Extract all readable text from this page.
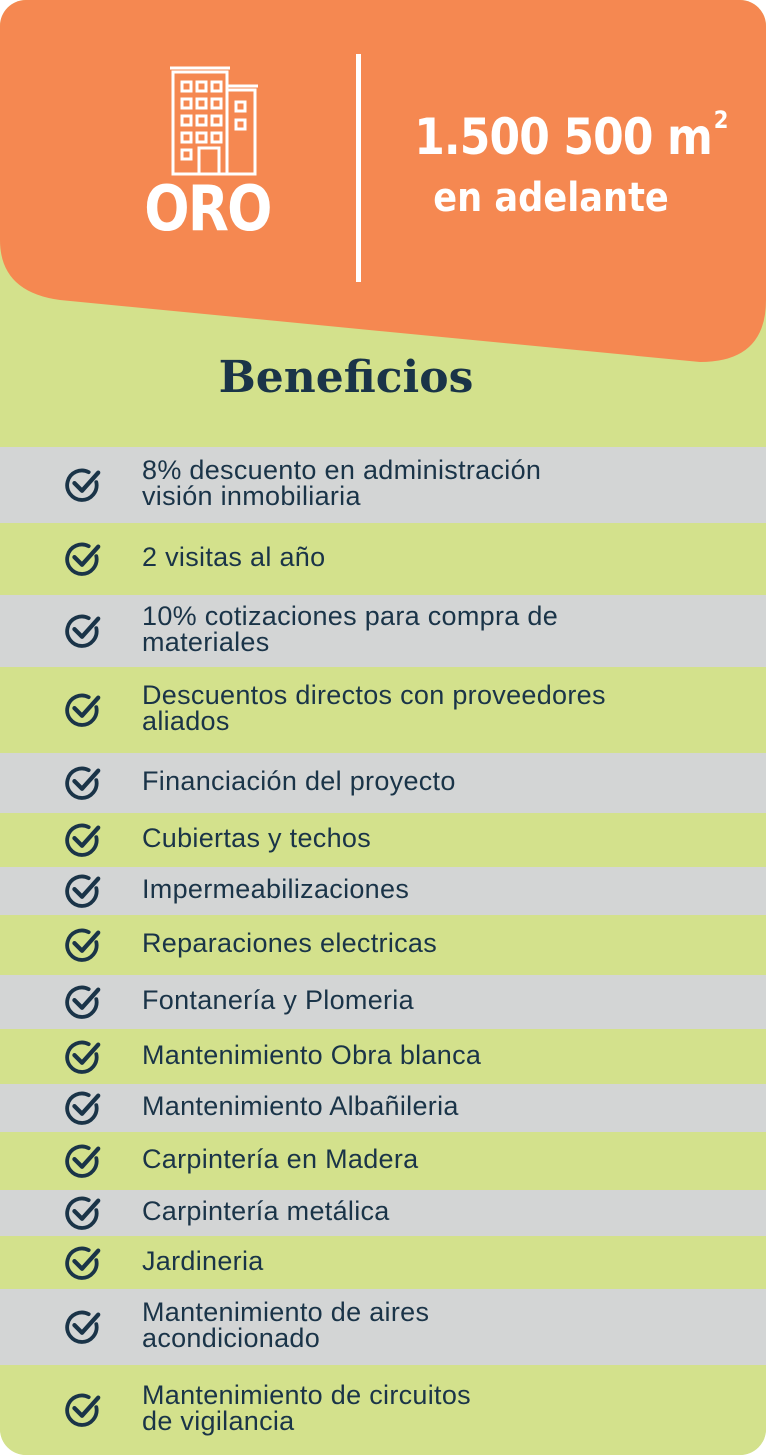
ORO
1.500 500 $m^2$
en adelante
Beneficios
8% descuento en administración
visión inmobiliaria
2 visitas al año
10% cotizaciones para compra de
materiales
Descuentos directos con proveedores
aliados
Financiación del proyecto
Cubiertas y techos
Impermeabilizaciones
Reparaciones electricas
Fontanería y Plomeria
Mantenimiento Obra blanca
Mantenimiento Albañileria
Carpintería en Madera
Carpintería metálica
Jardineria
Mantenimiento de aires
acondicionado
Mantenimiento de circuitos
de vigilancia
